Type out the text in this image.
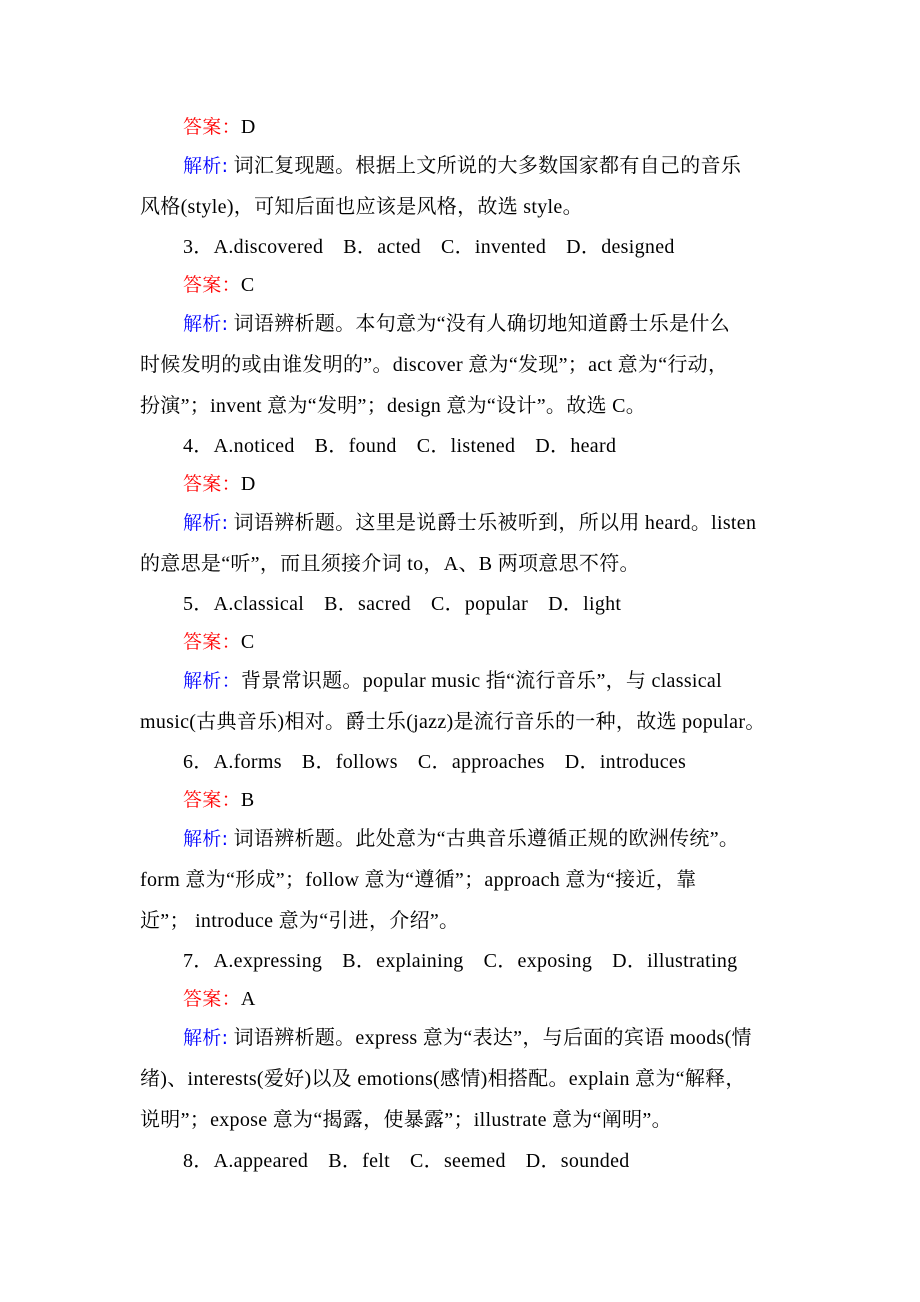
答案：D
解析: 词汇复现题。根据上文所说的大多数国家都有自己的音乐
风格(style)，可知后面也应该是风格，故选 style。
3．A.discovered B．acted C．invented D．designed
答案：C
解析: 词语辨析题。本句意为“没有人确切地知道爵士乐是什么
时候发明的或由谁发明的”。discover 意为“发现”；act 意为“行动，
扮演”；invent 意为“发明”；design 意为“设计”。故选 C。
4．A.noticed B．found C．listened D．heard
答案：D
解析: 词语辨析题。这里是说爵士乐被听到，所以用 heard。listen
的意思是“听”，而且须接介词 to，A、B 两项意思不符。
5．A.classical B．sacred C．popular D．light
答案：C
解析：背景常识题。popular music 指“流行音乐”，与 classical
music(古典音乐)相对。爵士乐(jazz)是流行音乐的一种，故选 popular。
6．A.forms B．follows C．approaches D．introduces
答案：B
解析: 词语辨析题。此处意为“古典音乐遵循正规的欧洲传统”。
form 意为“形成”；follow 意为“遵循”；approach 意为“接近，靠
近”； introduce 意为“引进，介绍”。
7．A.expressing B．explaining C．exposing D．illustrating
答案：A
解析: 词语辨析题。express 意为“表达”，与后面的宾语 moods(情
绪)、interests(爱好)以及 emotions(感情)相搭配。explain 意为“解释，
说明”；expose 意为“揭露，使暴露”；illustrate 意为“阐明”。
8．A.appeared B．felt C．seemed D．sounded
